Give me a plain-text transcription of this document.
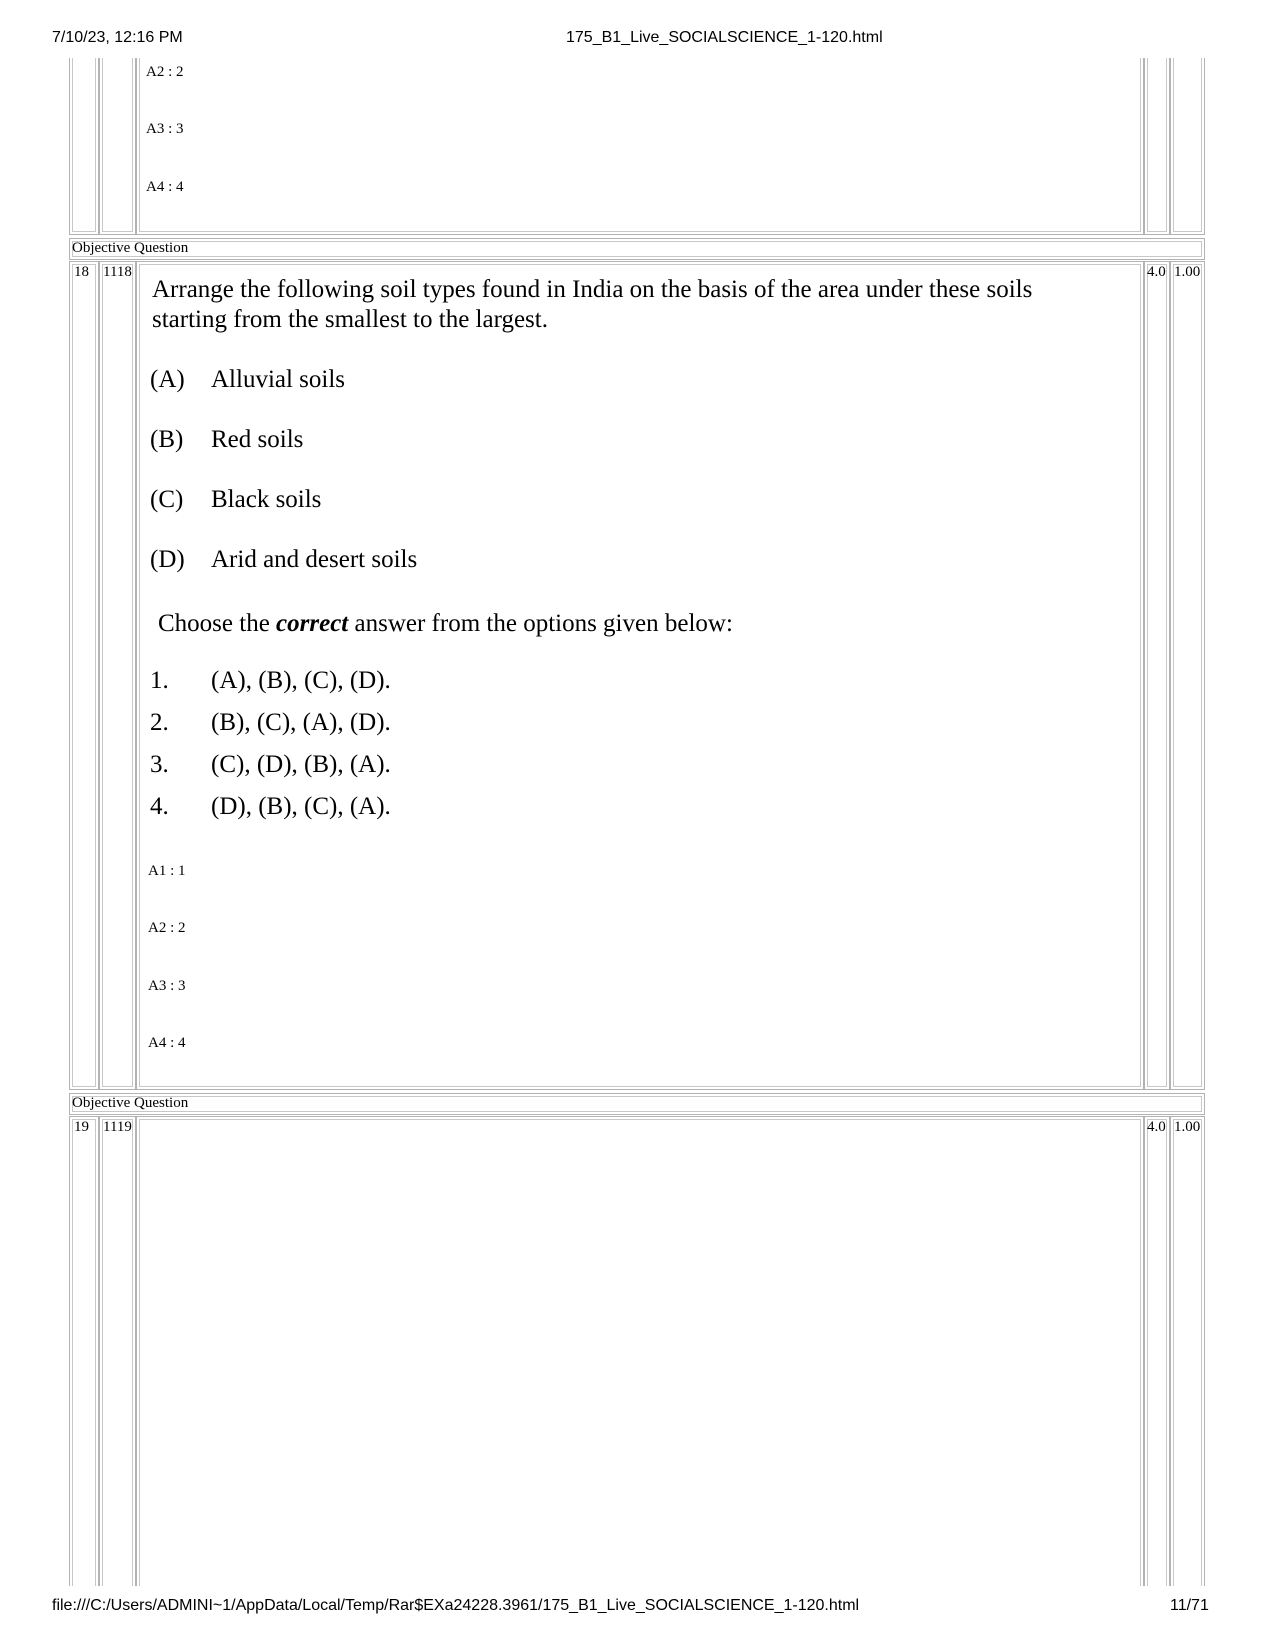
7/10/23, 12:16 PM	175_B1_Live_SOCIALSCIENCE_1-120.html
A2 : 2
A3 : 3
A4 : 4
Objective Question
18 1118	4.0 1.00
Arrange the following soil types found in India on the basis of the area under these soils starting from the smallest to the largest.
(A) Alluvial soils
(B) Red soils
(C) Black soils
(D) Arid and desert soils
Choose the correct answer from the options given below:
1. (A), (B), (C), (D).
2. (B), (C), (A), (D).
3. (C), (D), (B), (A).
4. (D), (B), (C), (A).
A1 : 1
A2 : 2
A3 : 3
A4 : 4
Objective Question
19 1119	4.0 1.00
file:///C:/Users/ADMINI~1/AppData/Local/Temp/Rar$EXa24228.3961/175_B1_Live_SOCIALSCIENCE_1-120.html	11/71
